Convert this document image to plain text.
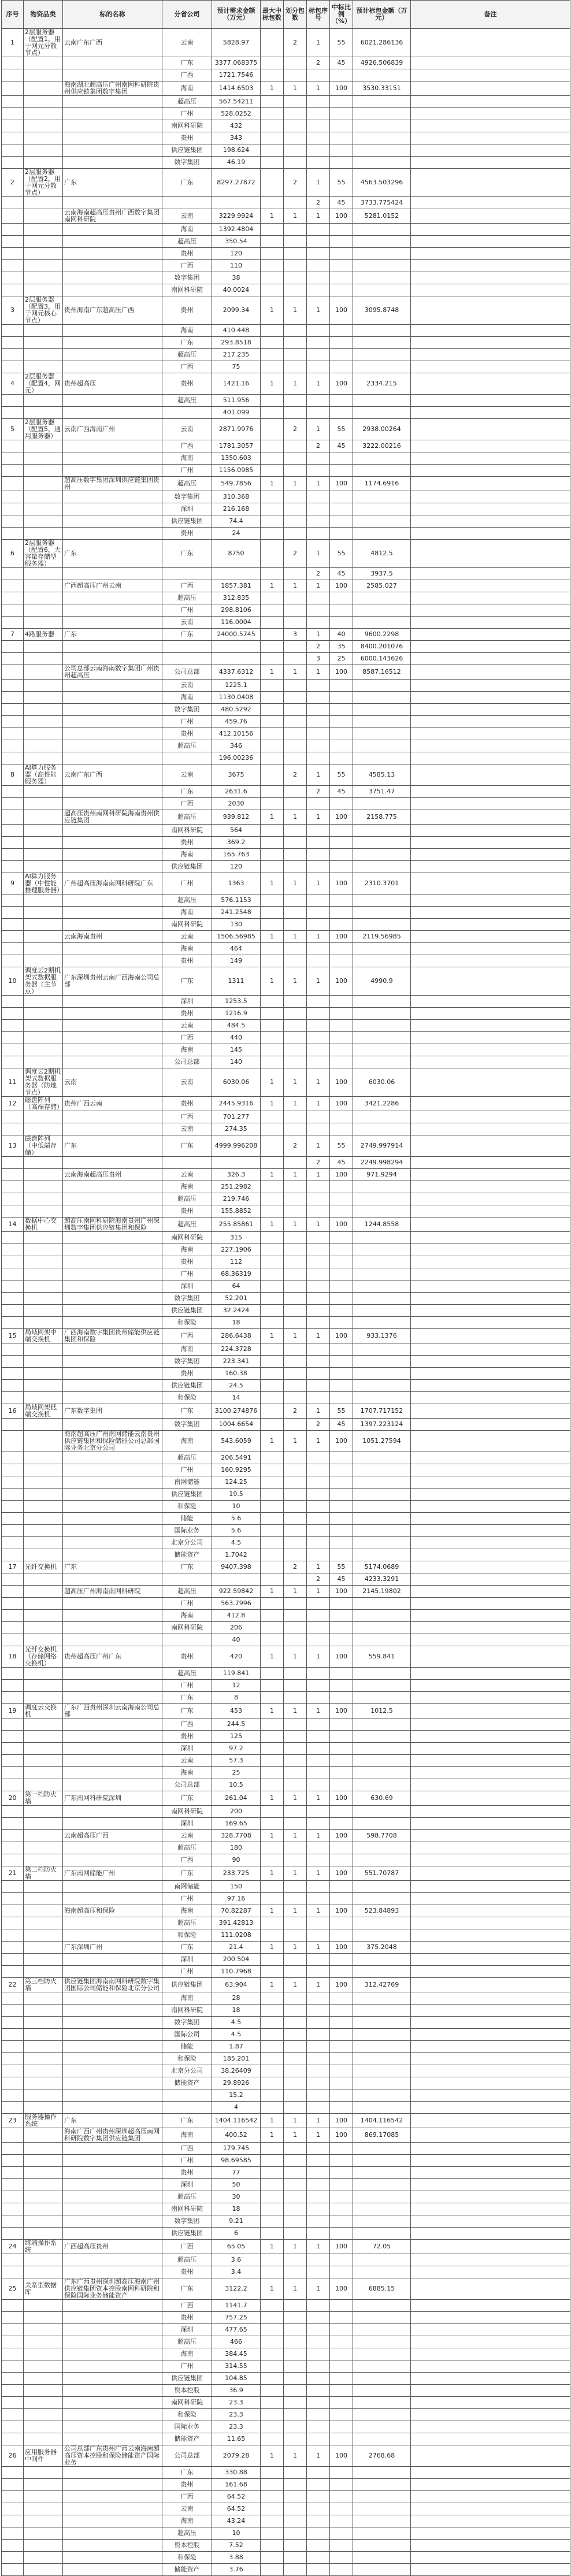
序号	物资品类	标的名称	分省公司	预计需求金额（万元）	最大中标包数	划分包数	标包序号	中标比例（%）	预计标包金额（万元）	备注
1	2层服务器（配置1，用于网元分散节点）	云南广东广西	云南	5828.97		2	1	55	6021.286136	
			广东	3377.068375			2	45	4926.506839	
			广西	1721.7546						
		海南湖北超高压广州南网科研院贵州供应链集团数字集团	海南	1414.6503	1	1	1	100	3530.33151	
			超高压	567.54211						
			广州	528.0252						
			南网科研院	432						
			贵州	343						
			供应链集团	198.624						
			数字集团	46.19						
2	2层服务器（配置2，用于网元分散节点）	广东	广东	8297.27872		2	1	55	4563.503296	
							2	45	3733.775424	
		云南海南超高压贵州广西数字集团南网科研院	云南	3229.9924	1	1	1	100	5281.0152	
			海南	1392.4804						
			超高压	350.54						
			贵州	120						
			广西	110						
			数字集团	38						
			南网科研院	40.0024						
3	2层服务器（配置3，用于网元核心节点）	贵州海南广东超高压广西	贵州	2099.34	1	1	1	100	3095.8748	
			海南	410.448						
			广东	293.8518						
			超高压	217.235						
			广西	75						
4	2层服务器（配置4，网元）	贵州超高压	贵州	1421.16	1	1	1	100	2334.215	
			超高压	511.956						
				401.099						
5	2层服务器（配置5，通用服务器）	云南广西海南广州	云南	2871.9976		2	1	55	2938.00264	
			广西	1781.3057			2	45	3222.00216	
			海南	1350.603						
			广州	1156.0985						
		超高压数字集团深圳供应链集团贵州	超高压	549.7856	1	1	1	100	1174.6916	
			数字集团	310.368						
			深圳	216.168						
			供应链集团	74.4						
			贵州	24						
6	2层服务器（配置6，大容量存储型服务器）	广东	广东	8750		2	1	55	4812.5	
							2	45	3937.5	
		广西超高压广州云南	广西	1857.381	1	1	1	100	2585.027	
			超高压	312.835						
			广州	298.8106						
			云南	116.0004						
7	4路服务器	广东	广东	24000.5745		3	1	40	9600.2298	
							2	35	8400.201076	
							3	25	6000.143626	
		公司总部云南海南数字集团广州贵州超高压	公司总部	4337.6312	1	1	1	100	8587.16512	
			云南	1225.1						
			海南	1130.0408						
			数字集团	480.5292						
			广州	459.76						
			贵州	412.10156						
			超高压	346						
				196.00236						
8	AI算力服务器（高性能服务器）	云南广东广西	云南	3675		2	1	55	4585.13	
			广东	2631.6			2	45	3751.47	
			广西	2030						
		超高压贵州南网科研院海南贵州供应链集团	超高压	939.812	1	1	1	100	2158.775	
			南网科研院	564						
			贵州	369.2						
			海南	165.763						
			供应链集团	120						
9	AI算力服务器（中性能推理服务器）	广州超高压海南南网科研院广东	广州	1363	1	1	1	100	2310.3701	
			超高压	576.1153						
			海南	241.2548						
			南网科研院	130						
		云南海南贵州	云南	1506.56985	1	1	1	100	2119.56985	
			海南	464						
			贵州	149						
10	调度云2期机架式数据服务器（主节点）	广东深圳贵州云南广西海南公司总部	广东	1311	1	1	1	100	4990.9	
			深圳	1253.5						
			贵州	1216.9						
			云南	484.5						
			广西	440						
			海南	145						
			公司总部	140						
11	调度云2期机架式数据服务器（防地节点）	云南	云南	6030.06	1	1	1	100	6030.06	
12	磁盘阵列（高端存储）	贵州广西云南	贵州	2445.9316	1	1	1	100	3421.2286	
			广西	701.277						
			云南	274.35						
13	磁盘阵列（中低端存储）	广东	广东	4999.996208		2	1	55	2749.997914	
							2	45	2249.998294	
		云南海南超高压贵州	云南	326.3	1	1	1	100	971.9294	
			海南	251.2982						
			超高压	219.746						
			贵州	155.8852						
14	数据中心交换机	超高压南网科研院海南贵州广州深圳数字集团供应链集团和保险	超高压	255.85861	1	1	1	100	1244.8558	
			南网科研院	315						
			海南	227.1906						
			贵州	112						
			广州	68.36319						
			深圳	64						
			数字集团	52.201						
			供应链集团	32.2424						
			和保险	18						
15	局域网架中端交换机	广西海南数字集团贵州储能供应链集团和保险	广西	286.6438	1	1	1	100	933.1376	
			海南	224.3728						
			数字集团	223.341						
			贵州	160.38						
			供应链集团	24.5						
			和保险	14						
16	局域网架低端交换机	广东数字集团	广东	3100.274876		2	1	55	1707.717152	
			数字集团	1004.6654			2	45	1397.223124	
		海南超高压广州南网储能云南贵州供应链集团和保险储能公司总部国际业务北京分公司	海南	543.6059	1	1	1	100	1051.27594	
			超高压	206.5491						
			广州	160.9295						
			南网储能	124.25						
			供应链集团	19.5						
			和保险	10						
			储能	5.6						
			国际业务	5.6						
			北京分公司	4.5						
			储能资产	1.7042						
17	光纤交换机	广东	广东	9407.398		2	1	55	5174.0689	
							2	45	4233.3291	
		超高压广州海南南网科研院	超高压	922.59842	1	1	1	100	2145.19802	
			广州	563.7996						
			海南	412.8						
			南网科研院	206						
				40						
18	光纤交换机（存储网络交换机）	贵州超高压广州广东	贵州	420	1	1	1	100	559.841	
			超高压	119.841						
			广州	12						
			广东	8						
19	调度云交换机	广东广西贵州深圳云南海南公司总部	广东	453	1	1	1	100	1012.5	
			广西	244.5						
			贵州	125						
			深圳	97.2						
			云南	57.3						
			海南	25						
			公司总部	10.5						
20	第一档防火墙	广东南网科研院深圳	广东	261.04	1	1	1	100	630.69	
			南网科研院	200						
			深圳	169.65						
		云南超高压广西	云南	328.7708	1	1	1	100	598.7708	
			超高压	180						
			广西	90						
21	第二档防火墙	广东南网储能广州	广东	233.725	1	1	1	100	551.70787	
			南网储能	150						
			广州	97.16						
		海南超高压和保险	海南	70.82287	1	1	1	100	523.84893	
			超高压	391.42813						
			和保险	111.0208						
		广东深圳广州	广东	21.4	1	1	1	100	375.2048	
			深圳	200.504						
			广州	110.7968						
22	第三档防火墙	供应链集团海南南网科研院数字集团国际公司储能和保险北京分公司	供应链集团	63.904	1	1	1	100	312.42769	
			海南	28						
			南网科研院	18						
			数字集团	4.5						
			国际公司	4.5						
			储能	1.87						
			和保险	185.201						
			北京分公司	38.26409						
			储能资产	29.8926						
				15.2						
				4						
23	服务器操作系统	广东	广东	1404.116542	1	1	1	100	1404.116542	
		海南广西广州贵州深圳超高压南网科研院数字集团供应链集团	海南	400.52	1	1	1	100	869.17085	
			广西	179.745						
			广州	98.69585						
			贵州	77						
			深圳	50						
			超高压	30						
			南网科研院	18						
			数字集团	9.21						
			供应链集团	6						
24	终端操作系统	广西超高压贵州	广西	65.05	1	1	1	100	72.05	
			超高压	3.6						
			贵州	3.4						
25	关系型数据库	广东广西贵州深圳超高压海南广州供应链集团资本控股南网科研院和保险国际业务储能资产	广东	3122.2	1	1	1	100	6885.15	
			广西	1141.7						
			贵州	757.25						
			深圳	477.65						
			超高压	466						
			海南	384.45						
			广州	314.55						
			供应链集团	104.85						
			资本控股	36.9						
			南网科研院	23.3						
			和保险	23.3						
			国际业务	23.3						
			储能资产	11.65						
26	应用服务器中间件	公司总部广东贵州广西云南海南超高压资本控股和保险储能资产国际业务	公司总部	2079.28	1	1	1	100	2768.68	
			广东	330.88						
			贵州	161.68						
			广西	64.52						
			云南	64.52						
			海南	43.24						
			超高压	10						
			资本控股	7.52						
			和保险	3.88						
			储能资产	3.76						
